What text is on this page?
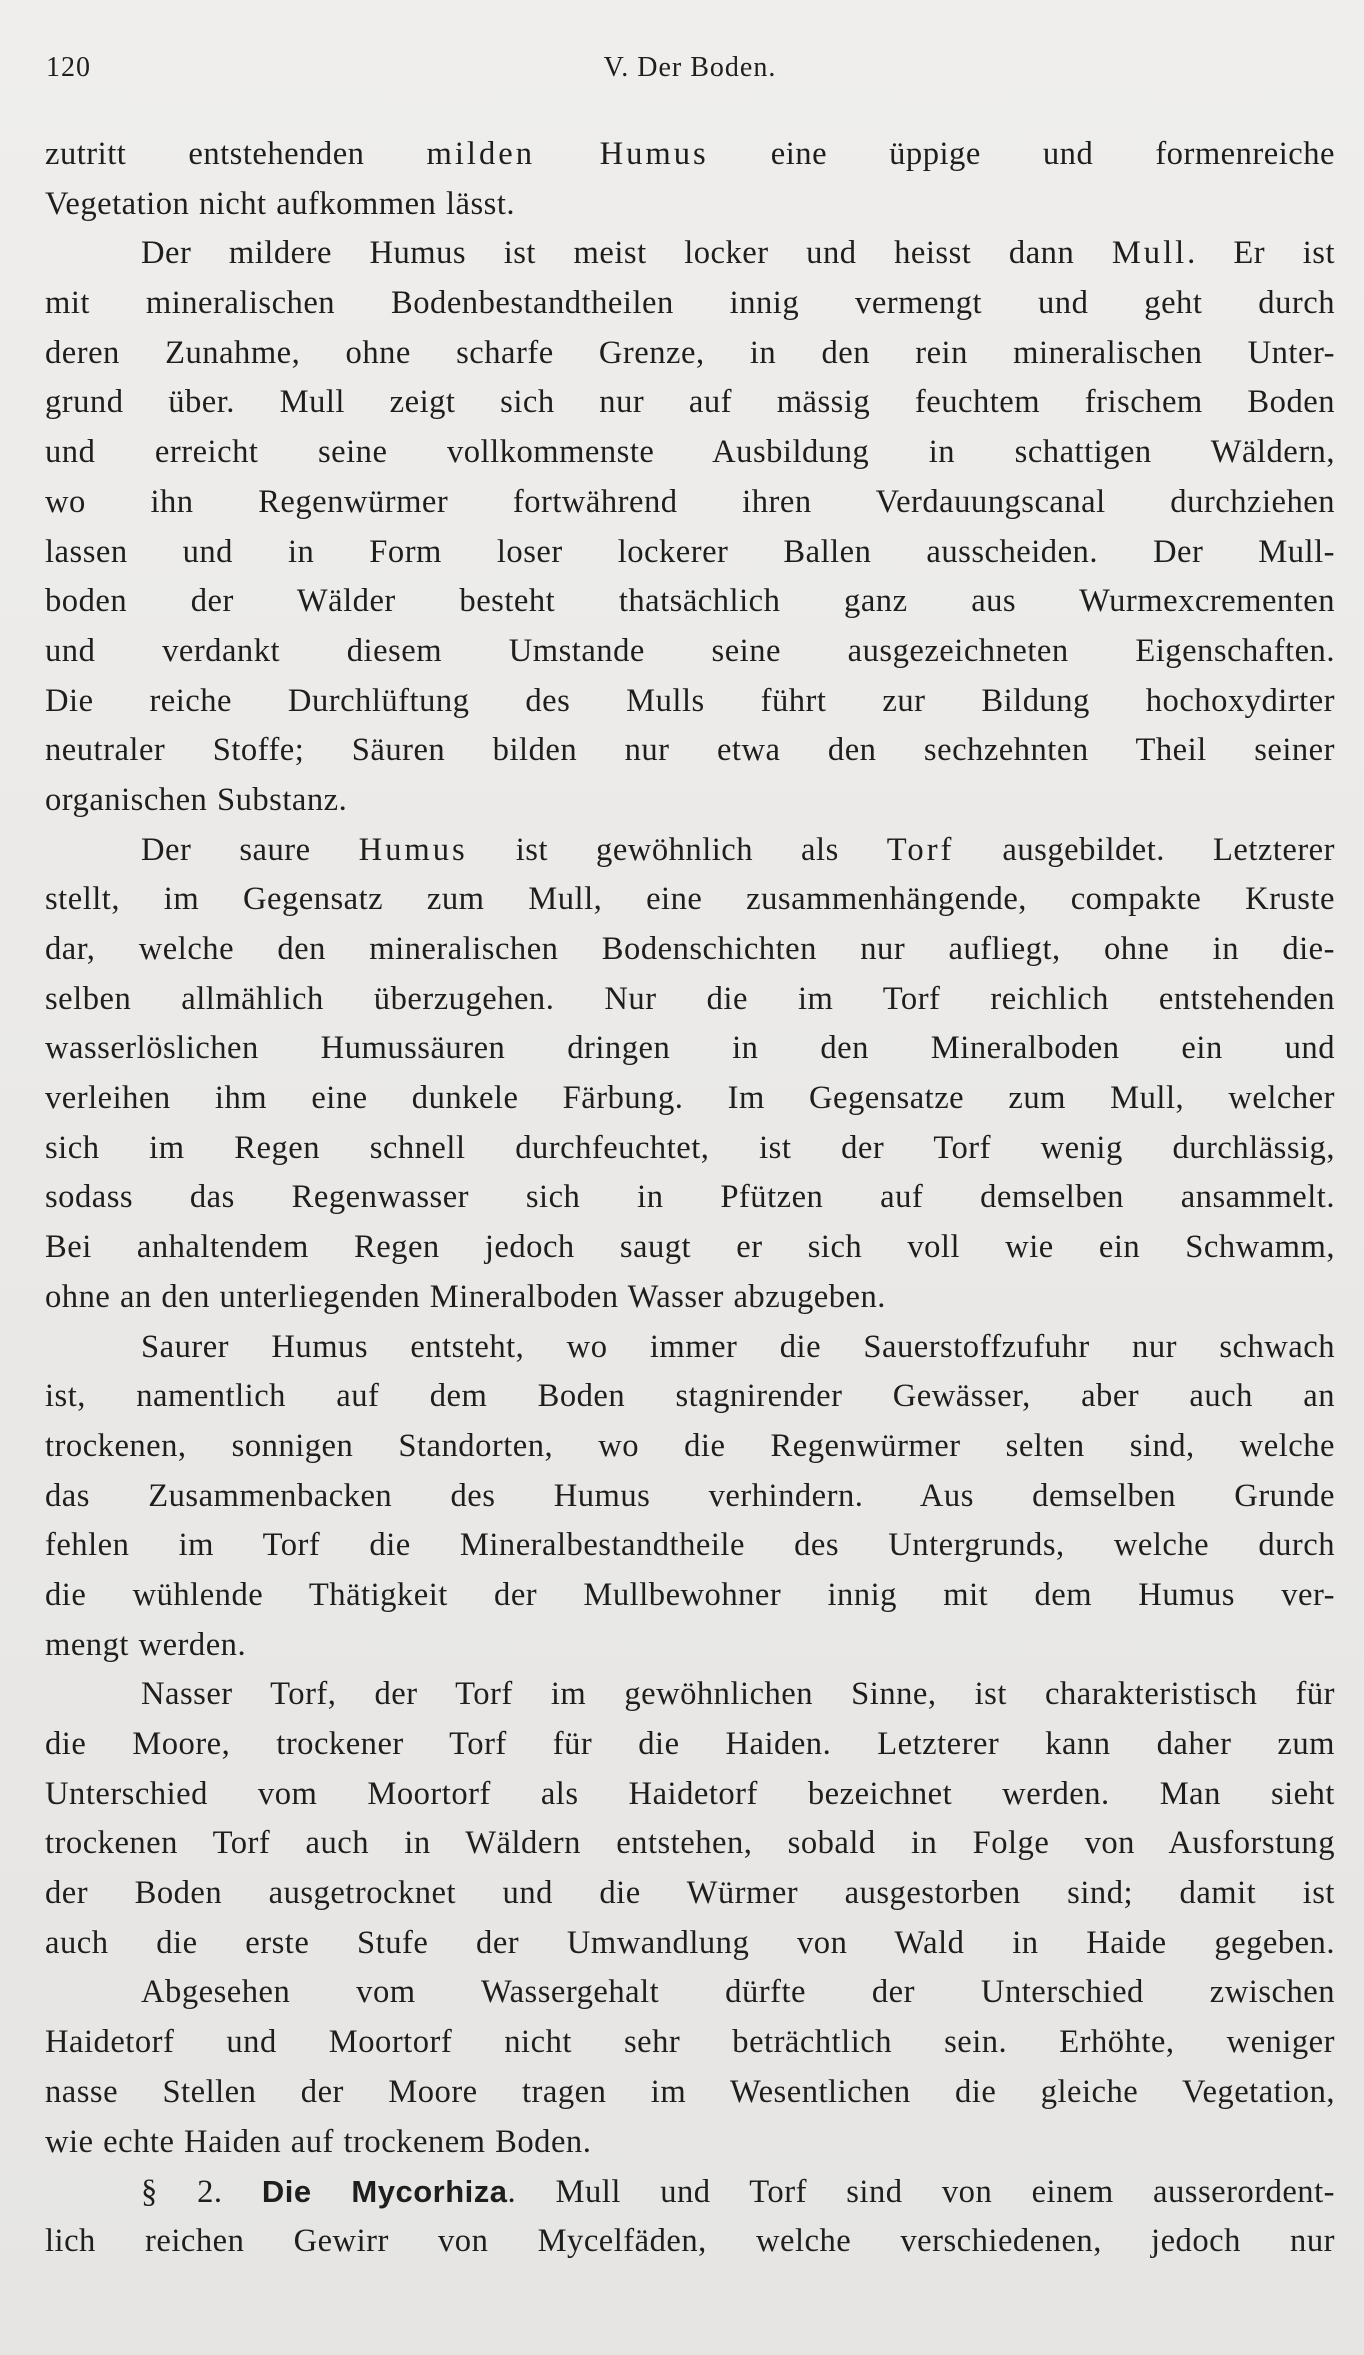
120	V. Der Boden.
zutritt entstehenden milden Humus eine üppige und formenreiche
Vegetation nicht aufkommen lässt.
Der mildere Humus ist meist locker und heisst dann Mull. Er ist
mit mineralischen Bodenbestandtheilen innig vermengt und geht durch
deren Zunahme, ohne scharfe Grenze, in den rein mineralischen Unter-
grund über. Mull zeigt sich nur auf mässig feuchtem frischem Boden
und erreicht seine vollkommenste Ausbildung in schattigen Wäldern,
wo ihn Regenwürmer fortwährend ihren Verdauungscanal durchziehen
lassen und in Form loser lockerer Ballen ausscheiden. Der Mull-
boden der Wälder besteht thatsächlich ganz aus Wurmexcrementen
und verdankt diesem Umstande seine ausgezeichneten Eigenschaften.
Die reiche Durchlüftung des Mulls führt zur Bildung hochoxydirter
neutraler Stoffe; Säuren bilden nur etwa den sechzehnten Theil seiner
organischen Substanz.
Der saure Humus ist gewöhnlich als Torf ausgebildet. Letzterer
stellt, im Gegensatz zum Mull, eine zusammenhängende, compakte Kruste
dar, welche den mineralischen Bodenschichten nur aufliegt, ohne in die-
selben allmählich überzugehen. Nur die im Torf reichlich entstehenden
wasserlöslichen Humussäuren dringen in den Mineralboden ein und
verleihen ihm eine dunkele Färbung. Im Gegensatze zum Mull, welcher
sich im Regen schnell durchfeuchtet, ist der Torf wenig durchlässig,
sodass das Regenwasser sich in Pfützen auf demselben ansammelt.
Bei anhaltendem Regen jedoch saugt er sich voll wie ein Schwamm,
ohne an den unterliegenden Mineralboden Wasser abzugeben.
Saurer Humus entsteht, wo immer die Sauerstoffzufuhr nur schwach
ist, namentlich auf dem Boden stagnirender Gewässer, aber auch an
trockenen, sonnigen Standorten, wo die Regenwürmer selten sind, welche
das Zusammenbacken des Humus verhindern. Aus demselben Grunde
fehlen im Torf die Mineralbestandtheile des Untergrunds, welche durch
die wühlende Thätigkeit der Mullbewohner innig mit dem Humus ver-
mengt werden.
Nasser Torf, der Torf im gewöhnlichen Sinne, ist charakteristisch für
die Moore, trockener Torf für die Haiden. Letzterer kann daher zum
Unterschied vom Moortorf als Haidetorf bezeichnet werden. Man sieht
trockenen Torf auch in Wäldern entstehen, sobald in Folge von Ausforstung
der Boden ausgetrocknet und die Würmer ausgestorben sind; damit ist
auch die erste Stufe der Umwandlung von Wald in Haide gegeben.
Abgesehen vom Wassergehalt dürfte der Unterschied zwischen
Haidetorf und Moortorf nicht sehr beträchtlich sein. Erhöhte, weniger
nasse Stellen der Moore tragen im Wesentlichen die gleiche Vegetation,
wie echte Haiden auf trockenem Boden.
§ 2. Die Mycorhiza. Mull und Torf sind von einem ausserordent-
lich reichen Gewirr von Mycelfäden, welche verschiedenen, jedoch nur
